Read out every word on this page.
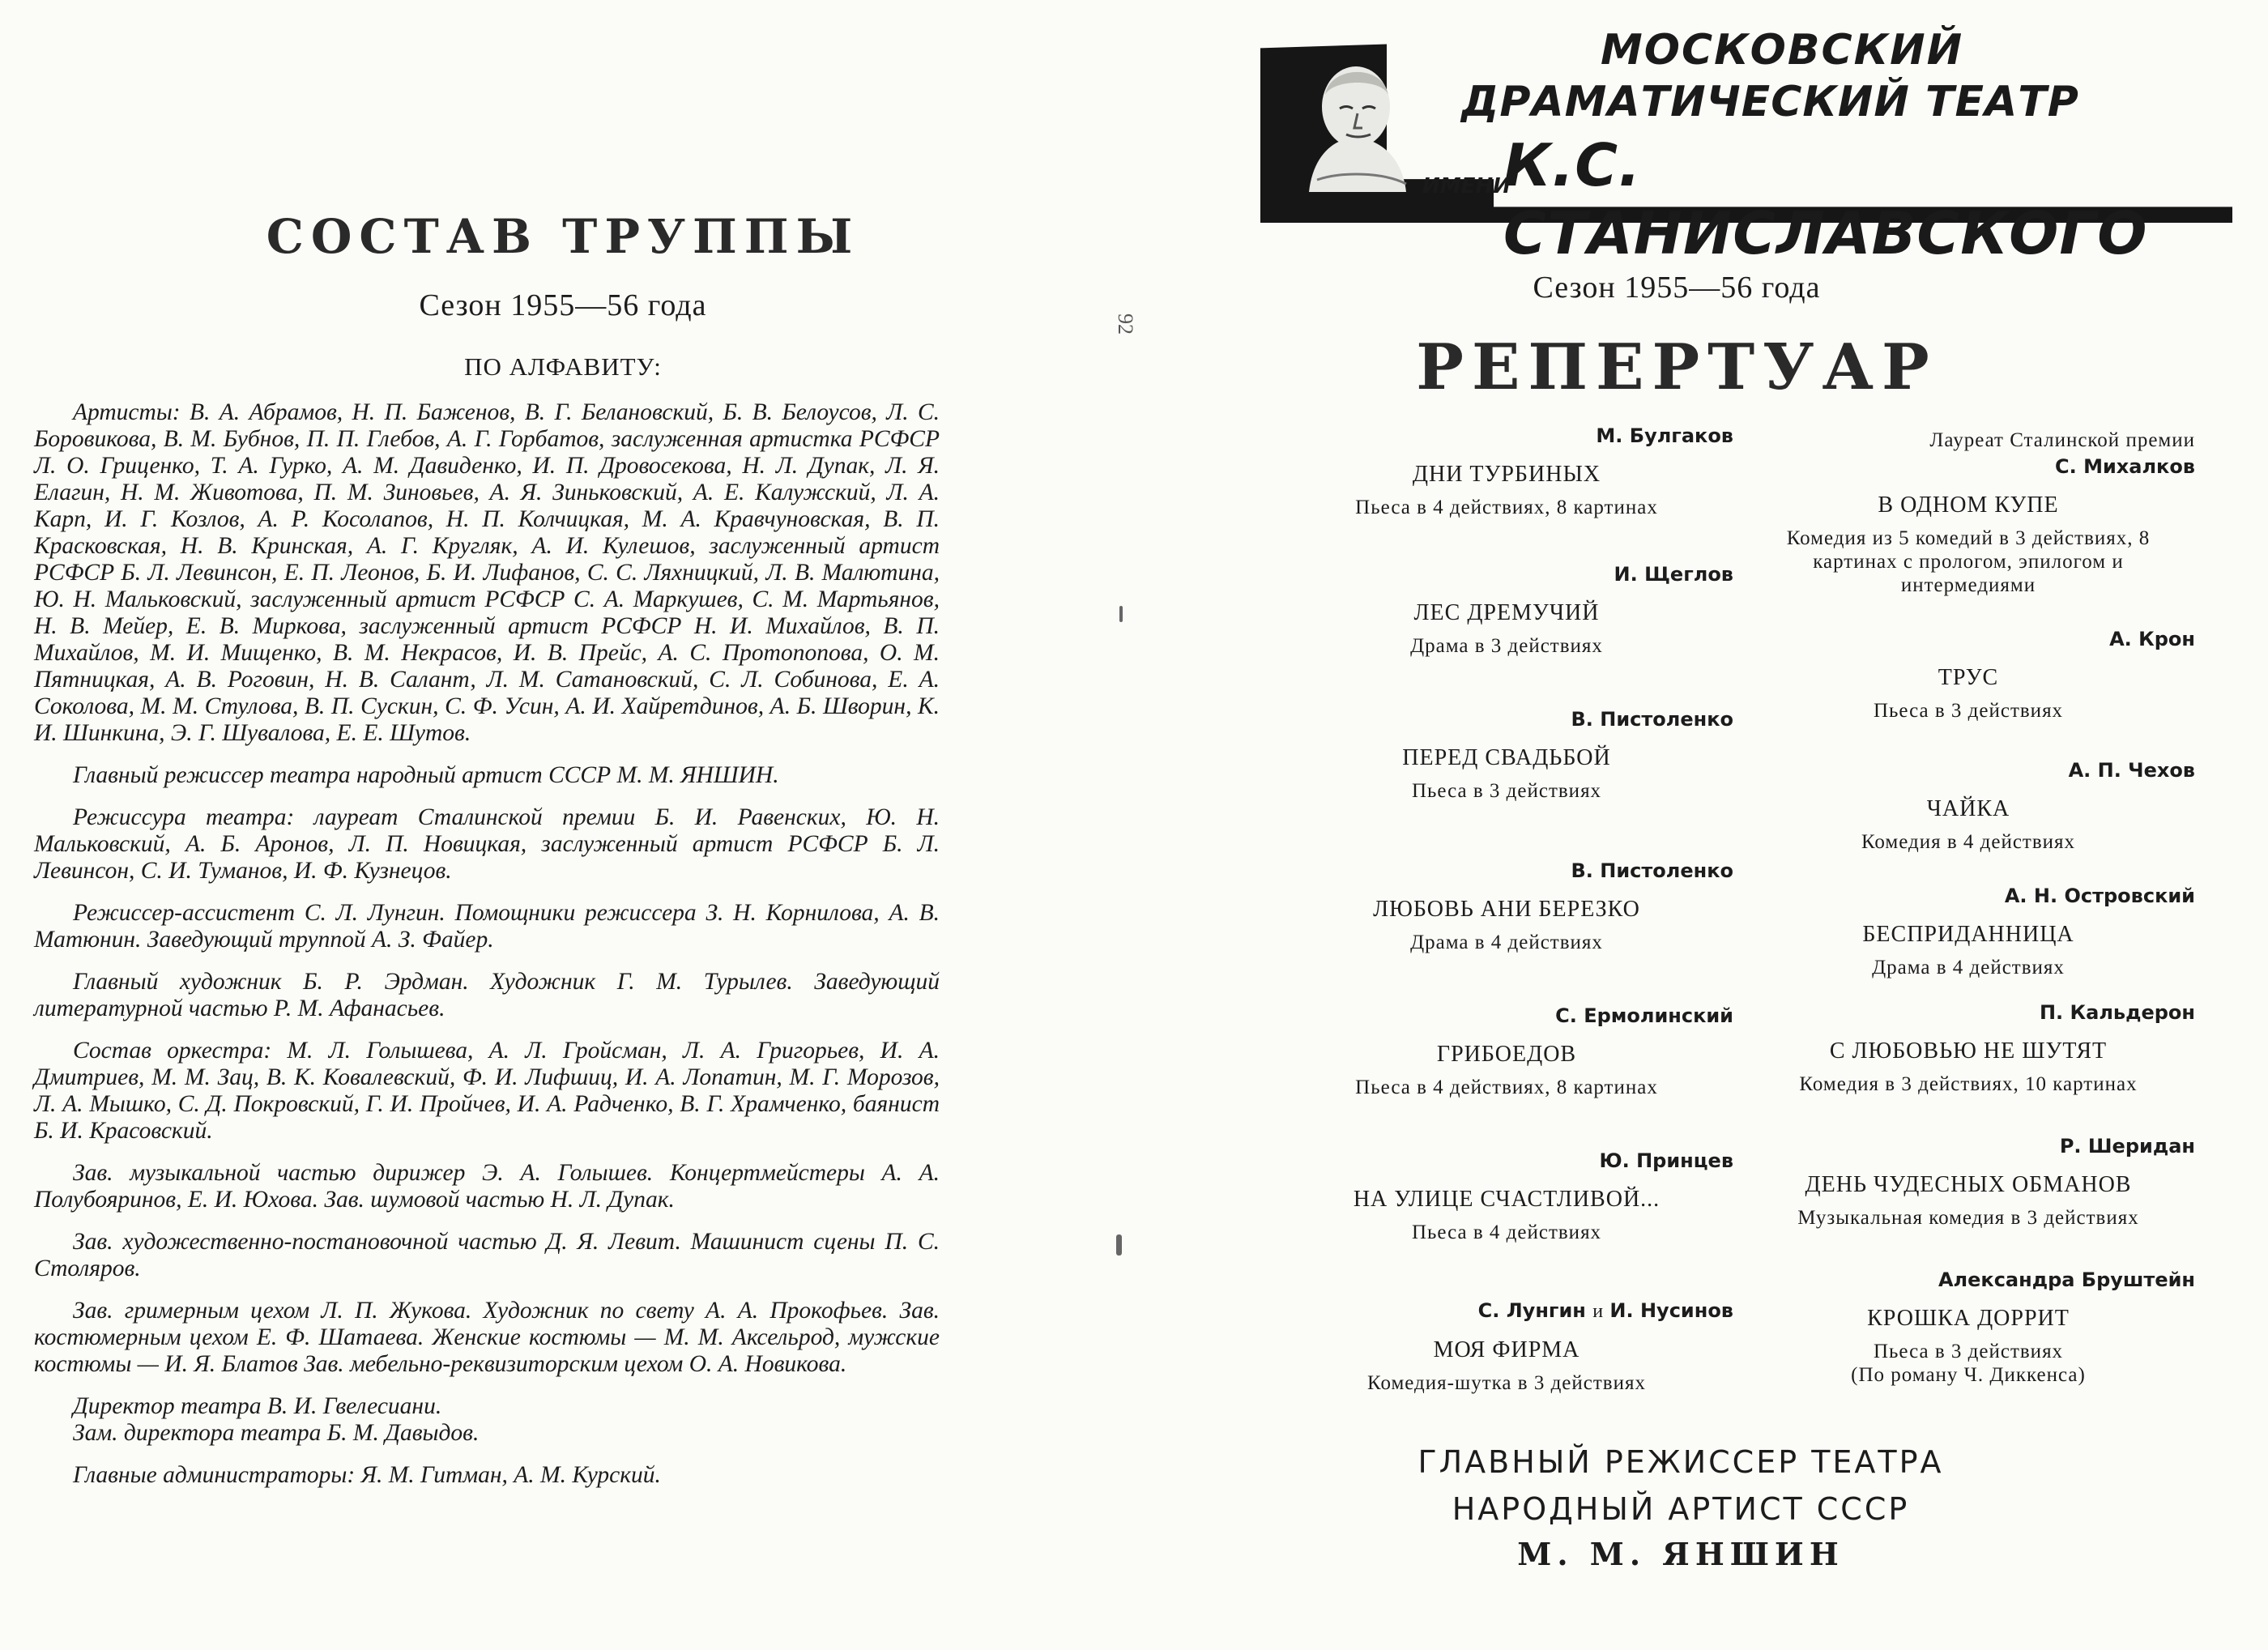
СОСТАВ ТРУППЫ
Сезон 1955—56 года
ПО АЛФАВИТУ:

Артисты: В. А. Абрамов, Н. П. Баженов, В. Г. Белановский, Б. В. Белоусов, Л. С. Боровикова, В. М. Бубнов, П. П. Глебов, А. Г. Горбатов, заслуженная артистка РСФСР Л. О. Гриценко, Т. А. Гурко, А. М. Давиденко, И. П. Дровосекова, Н. Л. Дупак, Л. Я. Елагин, Н. М. Животова, П. М. Зиновьев, А. Я. Зиньковский, А. Е. Калужский, Л. А. Карп, И. Г. Козлов, А. Р. Косолапов, Н. П. Колчицкая, М. А. Кравчуновская, В. П. Красковская, Н. В. Кринская, А. Г. Кругляк, А. И. Кулешов, заслуженный артист РСФСР Б. Л. Левинсон, Е. П. Леонов, Б. И. Лифанов, С. С. Ляхницкий, Л. В. Малютина, Ю. Н. Мальковский, заслуженный артист РСФСР С. А. Маркушев, С. М. Мартьянов, Н. В. Мейер, Е. В. Миркова, заслуженный артист РСФСР Н. И. Михайлов, В. П. Михайлов, М. И. Мищенко, В. М. Некрасов, И. В. Прейс, А. С. Протопопова, О. М. Пятницкая, А. В. Роговин, Н. В. Салант, Л. М. Сатановский, С. Л. Собинова, Е. А. Соколова, М. М. Стулова, В. П. Сускин, С. Ф. Усин, А. И. Хайретдинов, А. Б. Шворин, К. И. Шинкина, Э. Г. Шувалова, Е. Е. Шутов.

Главный режиссер театра народный артист СССР М. М. ЯНШИН.

Режиссура театра: лауреат Сталинской премии Б. И. Равенских, Ю. Н. Мальковский, А. Б. Аронов, Л. П. Новицкая, заслуженный артист РСФСР Б. Л. Левинсон, С. И. Туманов, И. Ф. Кузнецов.

Режиссер-ассистент С. Л. Лунгин. Помощники режиссера З. Н. Корнилова, А. В. Матюнин. Заведующий труппой А. З. Файер.

Главный художник Б. Р. Эрдман. Художник Г. М. Турылев. Заведующий литературной частью Р. М. Афанасьев.

Состав оркестра: М. Л. Голышева, А. Л. Гройсман, Л. А. Григорьев, И. А. Дмитриев, М. М. Зац, В. К. Ковалевский, Ф. И. Лифшиц, И. А. Лопатин, М. Г. Морозов, Л. А. Мышко, С. Д. Покровский, Г. И. Пройчев, И. А. Радченко, В. Г. Храмченко, баянист Б. И. Красовский.

Зав. музыкальной частью дирижер Э. А. Голышев. Концертмейстеры А. А. Полубояринов, Е. И. Юхова. Зав. шумовой частью Н. Л. Дупак.

Зав. художественно-постановочной частью Д. Я. Левит. Машинист сцены П. С. Столяров.

Зав. гримерным цехом Л. П. Жукова. Художник по свету А. А. Прокофьев. Зав. костюмерным цехом Е. Ф. Шатаева. Женские костюмы — М. М. Аксельрод, мужские костюмы — И. Я. Блатов Зав. мебельно-реквизиторским цехом О. А. Новикова.

Директор театра В. И. Гвелесиани.

Зам. директора театра Б. М. Давыдов.

Главные администраторы: Я. М. Гитман, А. М. Курский.

92
МОСКОВСКИЙ
ДРАМАТИЧЕСКИЙ ТЕАТР
ИМЕНИ
К.С. СТАНИСЛАВСКОГО
Сезон 1955—56 года
РЕПЕРТУАР
М. Булгаков
ДНИ ТУРБИНЫХ
Пьеса в 4 действиях, 8 картинах
И. Щеглов
ЛЕС ДРЕМУЧИЙ
Драма в 3 действиях
В. Пистоленко
ПЕРЕД СВАДЬБОЙ
Пьеса в 3 действиях
В. Пистоленко
ЛЮБОВЬ АНИ БЕРЕЗКО
Драма в 4 действиях
С. Ермолинский
ГРИБОЕДОВ
Пьеса в 4 действиях, 8 картинах
Ю. Принцев
НА УЛИЦЕ СЧАСТЛИВОЙ...
Пьеса в 4 действиях
С. Лунгин и И. Нусинов
МОЯ ФИРМА
Комедия-шутка в 3 действиях
Лауреат Сталинской премии
С. Михалков
В ОДНОМ КУПЕ
Комедия из 5 комедий в 3 действиях, 8 картинах с прологом, эпилогом и интермедиями
А. Крон
ТРУС
Пьеса в 3 действиях
А. П. Чехов
ЧАЙКА
Комедия в 4 действиях
А. Н. Островский
БЕСПРИДАННИЦА
Драма в 4 действиях
П. Кальдерон
С ЛЮБОВЬЮ НЕ ШУТЯТ
Комедия в 3 действиях, 10 картинах
Р. Шеридан
ДЕНЬ ЧУДЕСНЫХ ОБМАНОВ
Музыкальная комедия в 3 действиях
Александра Бруштейн
КРОШКА ДОРРИТ
Пьеса в 3 действиях
(По роману Ч. Диккенса)
ГЛАВНЫЙ РЕЖИССЕР ТЕАТРА
НАРОДНЫЙ АРТИСТ СССР
М. М. ЯНШИН
